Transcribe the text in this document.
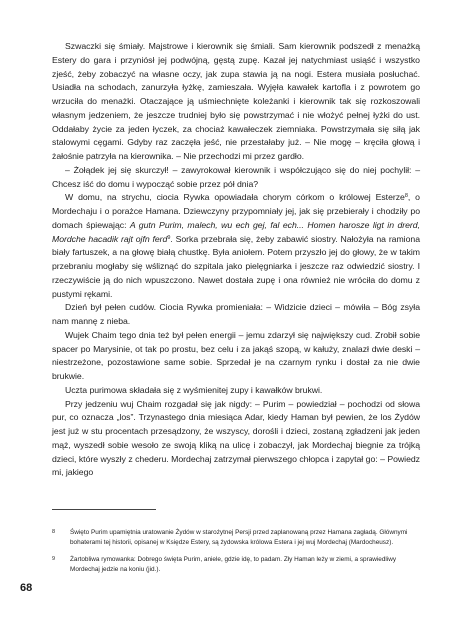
Szwaczki się śmiały. Majstrowe i kierownik się śmiali. Sam kierownik podszedł z menażką Estery do gara i przyniósł jej podwójną, gęstą zupę. Kazał jej natychmiast usiąść i wszystko zjeść, żeby zobaczyć na własne oczy, jak zupa stawia ją na nogi. Estera musiała posłuchać. Usiadła na schodach, zanurzyła łyżkę, zamieszała. Wyjęła kawałek kartofla i z powrotem go wrzuciła do menażki. Otaczające ją uśmiechnięte koleżanki i kierownik tak się rozkoszowali własnym jedzeniem, że jeszcze trudniej było się powstrzymać i nie włożyć pełnej łyżki do ust. Oddałaby życie za jeden łyczek, za chociaż kawałeczek ziemniaka. Powstrzymała się siłą jak stalowymi cęgami. Gdyby raz zaczęła jeść, nie przestałaby już. – Nie mogę – kręciła głową i żałośnie patrzyła na kierownika. – Nie przechodzi mi przez gardło.

– Żołądek jej się skurczył! – zawyrokował kierownik i współczująco się do niej pochylił: – Chcesz iść do domu i wypocząć sobie przez pół dnia?

W domu, na strychu, ciocia Rywka opowiadała chorym córkom o królowej Esterze$^8$, o Mordechaju i o porażce Hamana. Dziewczyny przypomniały jej, jak się przebierały i chodziły po domach śpiewając: A gutn Purim, malech, wu ech gej, fal ech... Homen harosze ligt in drerd, Mordche hacadik rajt ojfn ferd$^9$. Sorka przebrała się, żeby zabawić siostry. Nałożyła na ramiona biały fartuszek, a na głowę białą chustkę. Była aniołem. Potem przyszło jej do głowy, że w takim przebraniu mogłaby się wśliznąć do szpitala jako pielęgniarka i jeszcze raz odwiedzić siostry. I rzeczywiście ją do nich wpuszczono. Nawet dostała zupę i ona również nie wróciła do domu z pustymi rękami.

Dzień był pełen cudów. Ciocia Rywka promieniała: – Widzicie dzieci – mówiła – Bóg zsyła nam mannę z nieba.

Wujek Chaim tego dnia też był pełen energii – jemu zdarzył się największy cud. Zrobił sobie spacer po Marysinie, ot tak po prostu, bez celu i za jakąś szopą, w kałuży, znalazł dwie deski – niestrzeżone, pozostawione same sobie. Sprzedał je na czarnym rynku i dostał za nie dwie brukwie.

Uczta purimowa składała się z wyśmienitej zupy i kawałków brukwi.

Przy jedzeniu wuj Chaim rozgadał się jak nigdy: – Purim – powiedział – pochodzi od słowa pur, co oznacza „los”. Trzynastego dnia miesiąca Adar, kiedy Haman był pewien, że los Żydów jest już w stu procentach przesądzony, że wszyscy, dorośli i dzieci, zostaną zgładzeni jak jeden mąż, wyszedł sobie wesoło ze swoją kliką na ulicę i zobaczył, jak Mordechaj biegnie za trójką dzieci, które wyszły z chederu. Mordechaj zatrzymał pierwszego chłopca i zapytał go: – Powiedz mi, jakiego

8	Święto Purim upamiętnia uratowanie Żydów w starożytnej Persji przed zaplanowaną przez Hamana zagładą. Głównymi bohaterami tej historii, opisanej w Księdze Estery, są żydowska królowa Estera i jej wuj Mordechaj (Mardocheusz).
9	Żartobliwa rymowanka: Dobrego święta Purim, aniele, gdzie idę, to padam. Zły Haman leży w ziemi, a sprawiedliwy Mordechaj jedzie na koniu (jid.).
68
